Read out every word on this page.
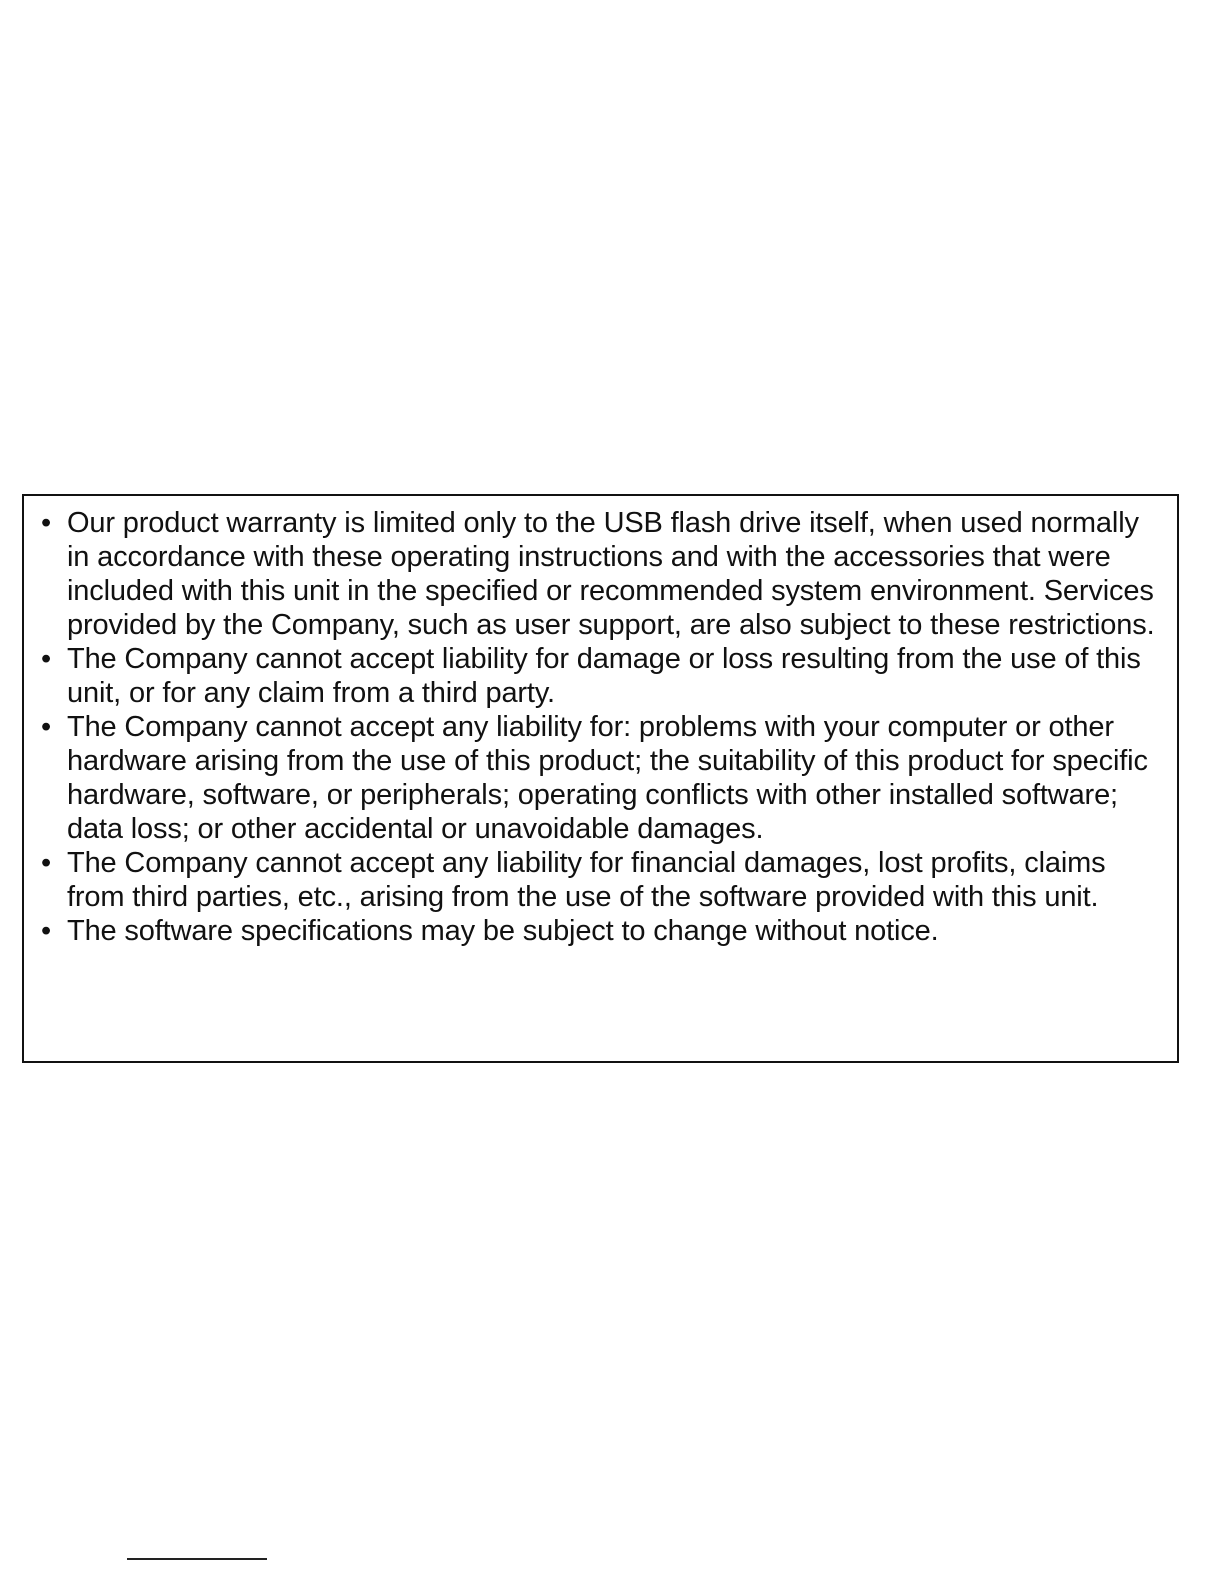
• Our product warranty is limited only to the USB flash drive itself, when used normally in accordance with these operating instructions and with the accessories that were included with this unit in the specified or recommended system environment. Services provided by the Company, such as user support, are also subject to these restrictions.
• The Company cannot accept liability for damage or loss resulting from the use of this unit, or for any claim from a third party.
• The Company cannot accept any liability for: problems with your computer or other hardware arising from the use of this product; the suitability of this product for specific hardware, software, or peripherals; operating conflicts with other installed software; data loss; or other accidental or unavoidable damages.
• The Company cannot accept any liability for financial damages, lost profits, claims from third parties, etc., arising from the use of the software provided with this unit.
• The software specifications may be subject to change without notice.
